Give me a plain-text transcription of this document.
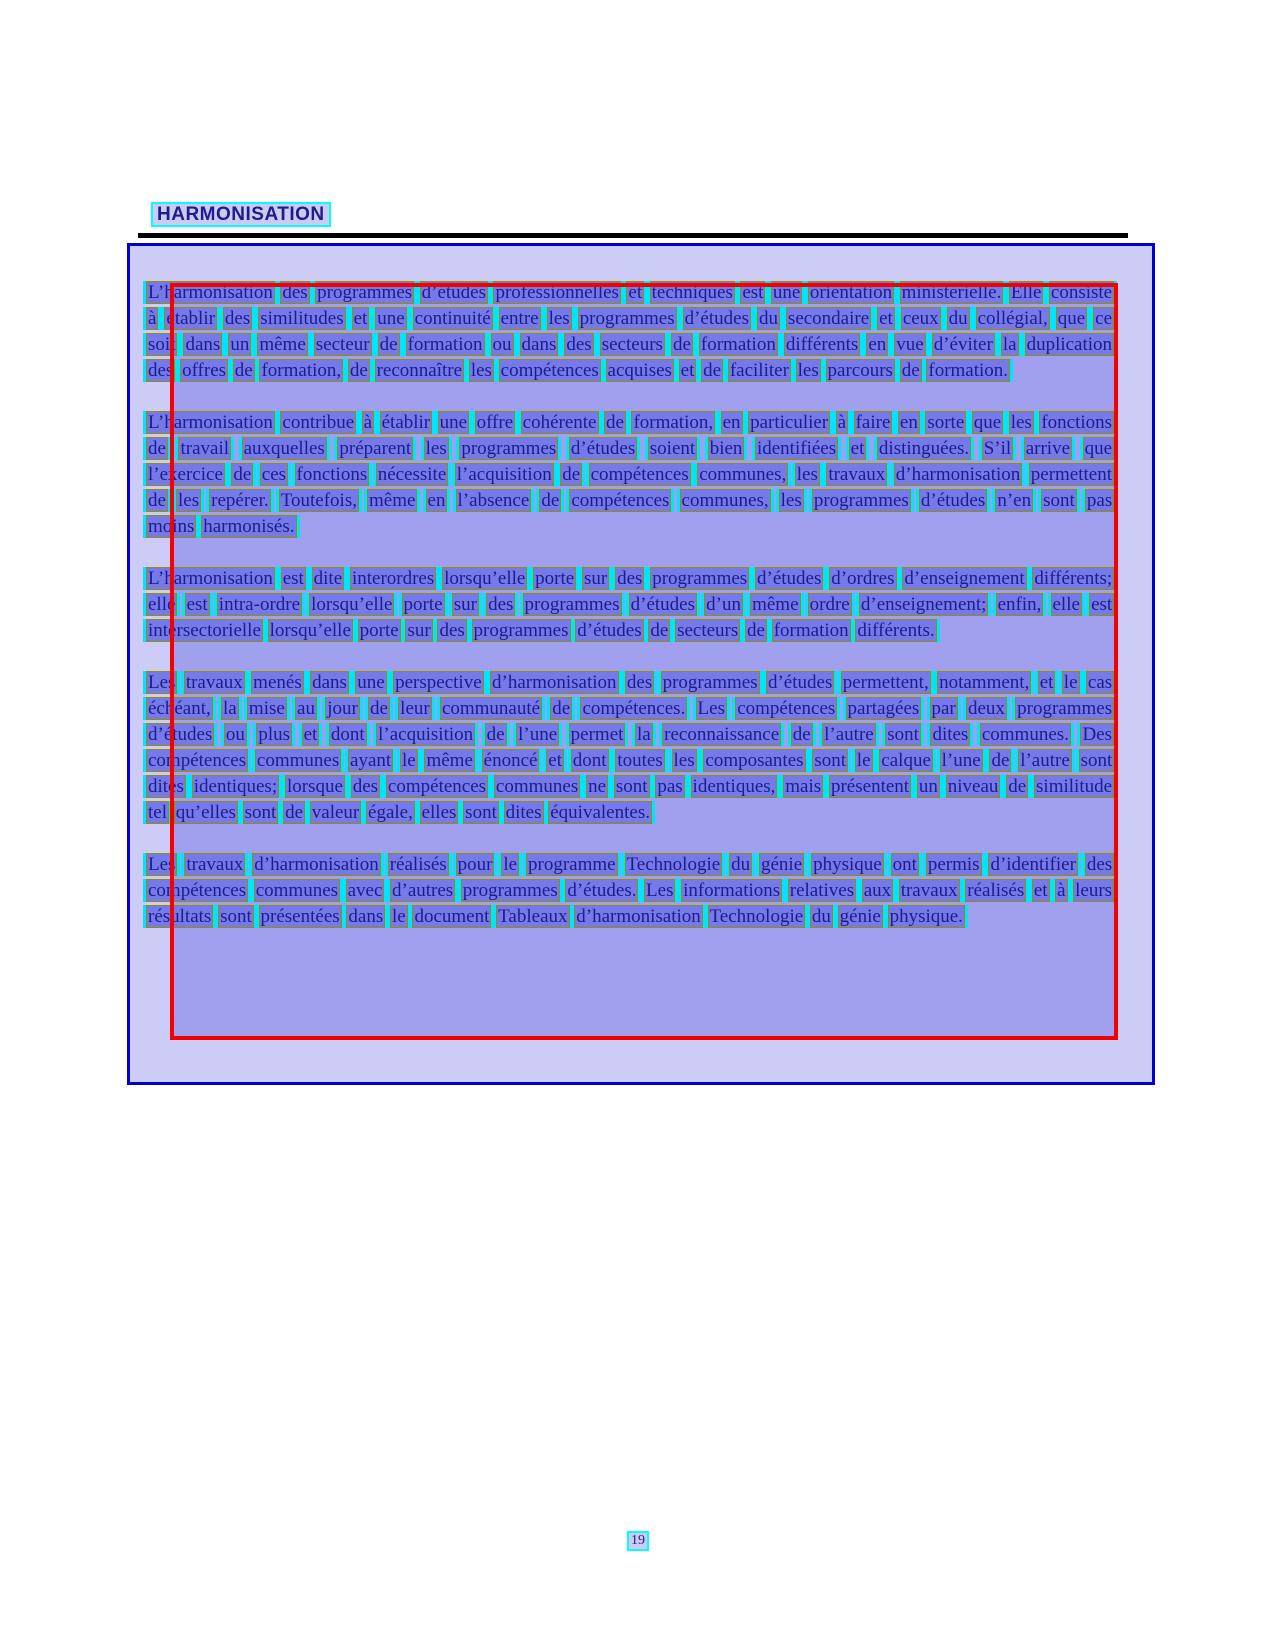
HARMONISATION

L’harmonisation des programmes d’études professionnelles et techniques est une orientation ministérielle. Elle consiste à établir des similitudes et une continuité entre les programmes d’études du secondaire et ceux du collégial, que ce soit dans un même secteur de formation ou dans des secteurs de formation différents en vue d’éviter la duplication des offres de formation, de reconnaître les compétences acquises et de faciliter les parcours de formation.

L’harmonisation contribue à établir une offre cohérente de formation, en particulier à faire en sorte que les fonctions de travail auxquelles préparent les programmes d’études soient bien identifiées et distinguées. S’il arrive que l’exercice de ces fonctions nécessite l’acquisition de compétences communes, les travaux d’harmonisation permettent de les repérer. Toutefois, même en l’absence de compétences communes, les programmes d’études n’en sont pas moins harmonisés.

L’harmonisation est dite interordres lorsqu’elle porte sur des programmes d’études d’ordres d’enseignement différents; elle est intra-ordre lorsqu’elle porte sur des programmes d’études d’un même ordre d’enseignement; enfin, elle est intersectorielle lorsqu’elle porte sur des programmes d’études de secteurs de formation différents.

Les travaux menés dans une perspective d’harmonisation des programmes d’études permettent, notamment, et le cas échéant, la mise au jour de leur communauté de compétences. Les compétences partagées par deux programmes d’études ou plus et dont l’acquisition de l’une permet la reconnaissance de l’autre sont dites communes. Des compétences communes ayant le même énoncé et dont toutes les composantes sont le calque l’une de l’autre sont dites identiques; lorsque des compétences communes ne sont pas identiques, mais présentent un niveau de similitude tel qu’elles sont de valeur égale, elles sont dites équivalentes.

Les travaux d’harmonisation réalisés pour le programme Technologie du génie physique ont permis d’identifier des compétences communes avec d’autres programmes d’études. Les informations relatives aux travaux réalisés et à leurs résultats sont présentées dans le document Tableaux d’harmonisation Technologie du génie physique.

19
